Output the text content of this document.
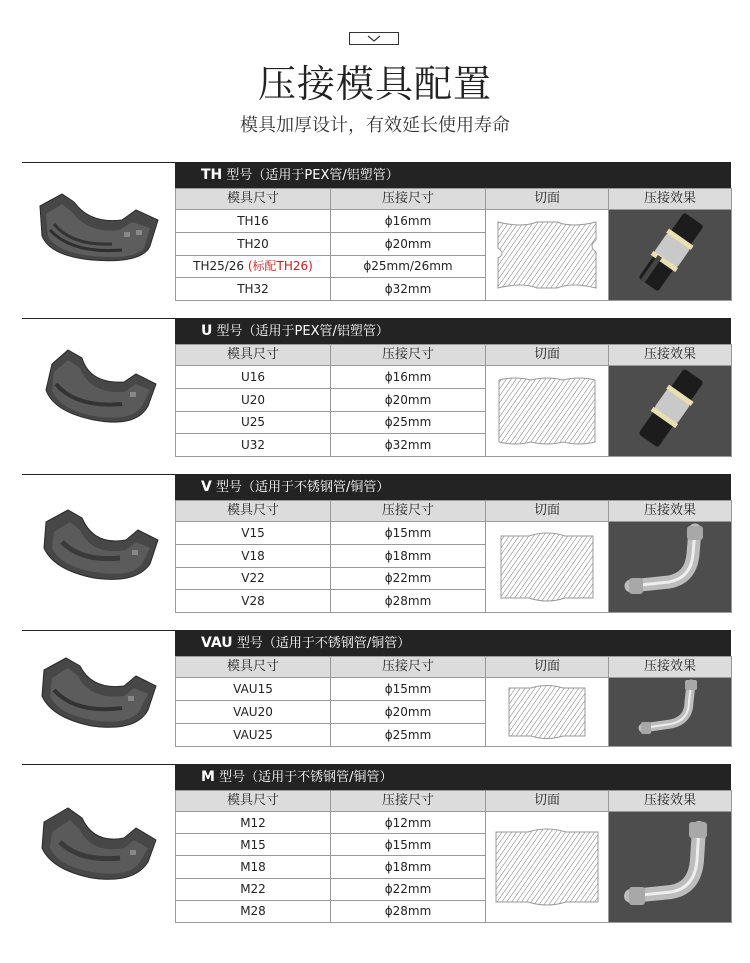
压接模具配置
模具加厚设计，有效延长使用寿命
TH 型号（适用于PEX管/铝塑管）
模具尺寸	压接尺寸	切面	压接效果
TH16	ϕ16mm	

TH20	ϕ20mm		
TH25/26 (标配TH26)	ϕ25mm/26mm		
TH32	ϕ32mm		
U 型号（适用于PEX管/铝塑管）
模具尺寸	压接尺寸	切面	压接效果
U16	ϕ16mm	

U20	ϕ20mm		
U25	ϕ25mm		
U32	ϕ32mm		
V 型号（适用于不锈钢管/铜管）
模具尺寸	压接尺寸	切面	压接效果
V15	ϕ15mm	

V18	ϕ18mm		
V22	ϕ22mm		
V28	ϕ28mm		
VAU 型号（适用于不锈钢管/铜管）
模具尺寸	压接尺寸	切面	压接效果
VAU15	ϕ15mm	

VAU20	ϕ20mm		
VAU25	ϕ25mm		
M 型号（适用于不锈钢管/铜管）
模具尺寸	压接尺寸	切面	压接效果
M12	ϕ12mm	

M15	ϕ15mm		
M18	ϕ18mm		
M22	ϕ22mm		
M28	ϕ28mm		
